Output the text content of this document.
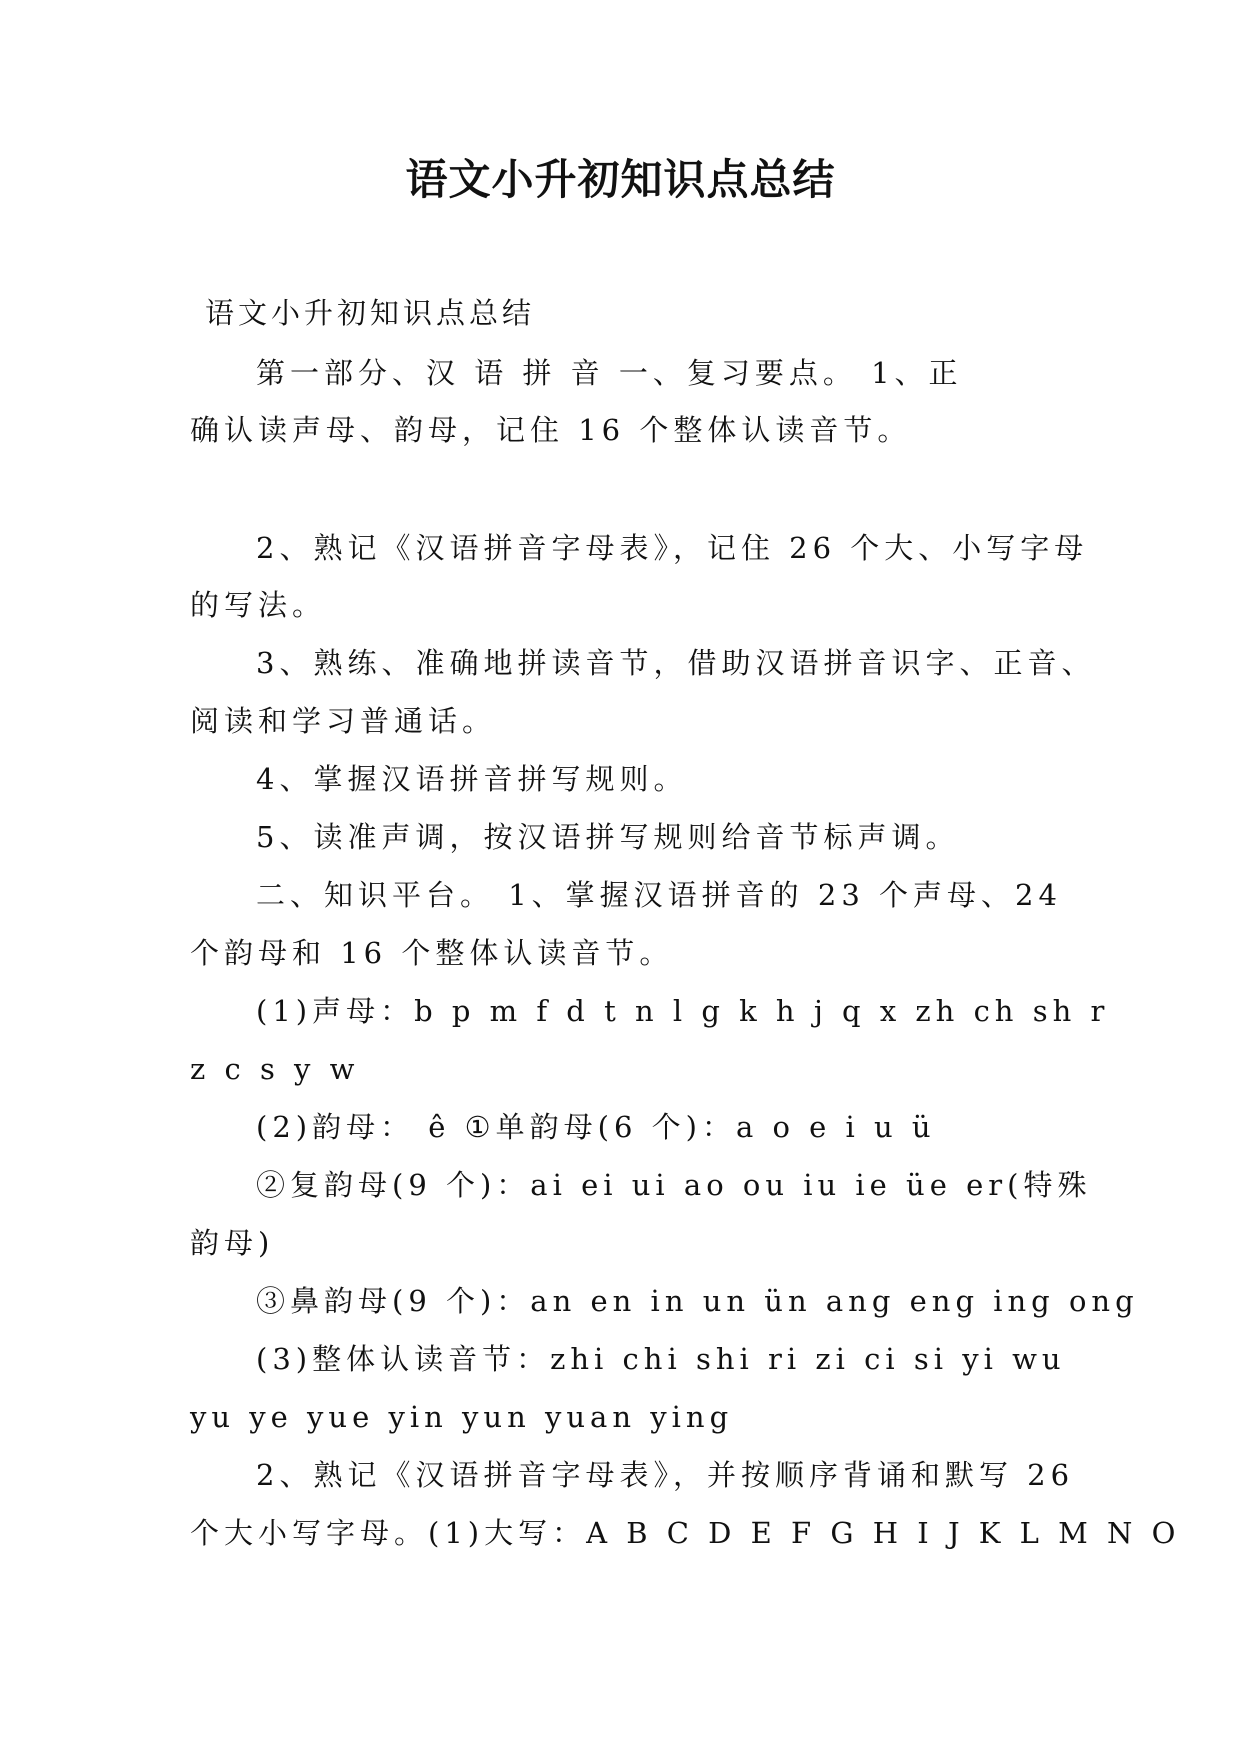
语文小升初知识点总结
语文小升初知识点总结
第一部分、汉 语 拼 音 一、复习要点。 1、正
确认读声母、韵母，记住 16 个整体认读音节。
2、熟记《汉语拼音字母表》，记住 26 个大、小写字母
的写法。
3、熟练、准确地拼读音节，借助汉语拼音识字、正音、
阅读和学习普通话。
4、掌握汉语拼音拼写规则。
5、读准声调，按汉语拼写规则给音节标声调。
二、知识平台。 1、掌握汉语拼音的 23 个声母、24
个韵母和 16 个整体认读音节。
(1)声母：b p m f d t n l g k h j q x zh ch sh r
z c s y w
(2)韵母： ê ①单韵母(6 个)：a o e i u ü
②复韵母(9 个)：ai ei ui ao ou iu ie üe er(特殊
韵母)
③鼻韵母(9 个)：an en in un ün ang eng ing ong
(3)整体认读音节：zhi chi shi ri zi ci si yi wu
yu ye yue yin yun yuan ying
2、熟记《汉语拼音字母表》，并按顺序背诵和默写 26
个大小写字母。(1)大写：A B C D E F G H I J K L M N O
